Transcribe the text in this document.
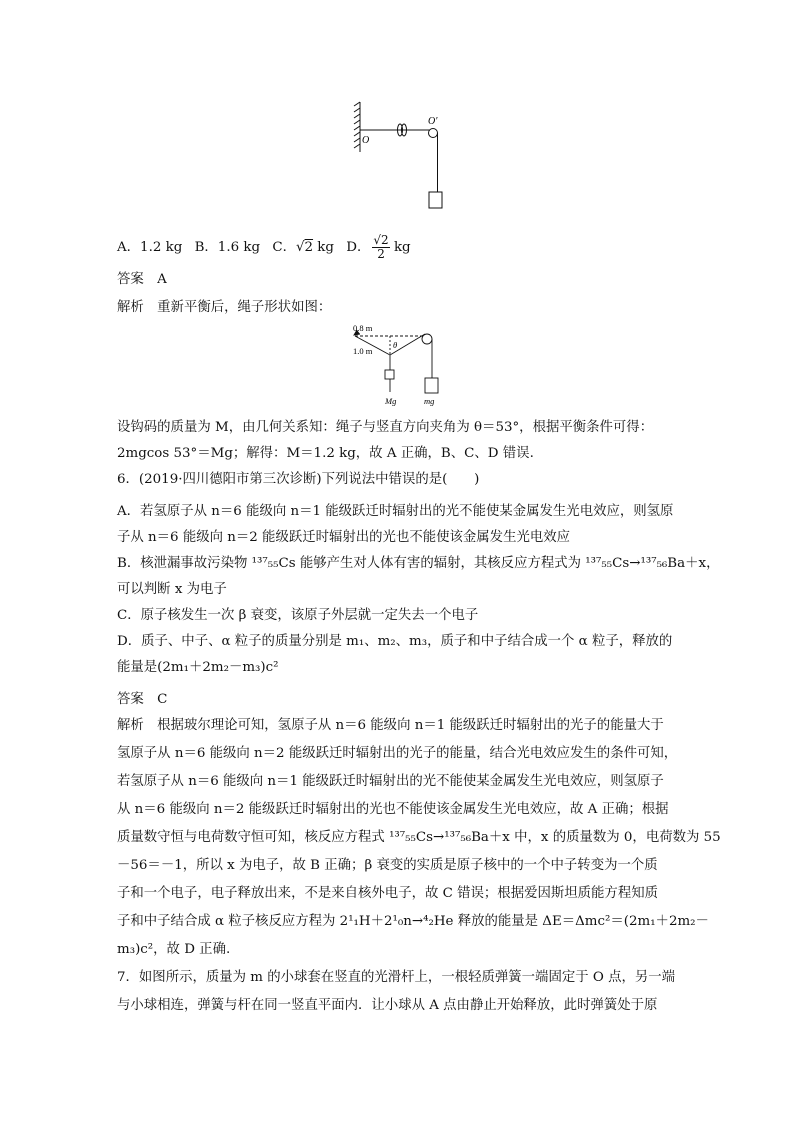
O
O′
A．1.2 kg B．1.6 kg C．√2 kg D． $\frac{√2}{2}$ kg
答案　A
解析　重新平衡后，绳子形状如图：
0.8 m
1.0 m
θ
Mg	mg
设钩码的质量为 M，由几何关系知：绳子与竖直方向夹角为 θ＝53°，根据平衡条件可得：
2mgcos 53°＝Mg；解得：M＝1.2 kg，故 A 正确，B、C、D 错误.
6．(2019·四川德阳市第三次诊断)下列说法中错误的是(　　)
A．若氢原子从 n＝6 能级向 n＝1 能级跃迁时辐射出的光不能使某金属发生光电效应，则氢原
子从 n＝6 能级向 n＝2 能级跃迁时辐射出的光也不能使该金属发生光电效应
B．核泄漏事故污染物 ¹³⁷₅₅Cs 能够产生对人体有害的辐射，其核反应方程式为 ¹³⁷₅₅Cs→¹³⁷₅₆Ba＋x，
可以判断 x 为电子
C．原子核发生一次 β 衰变，该原子外层就一定失去一个电子
D．质子、中子、α 粒子的质量分别是 m₁、m₂、m₃，质子和中子结合成一个 α 粒子，释放的
能量是(2m₁＋2m₂－m₃)c²
答案　C
解析　根据玻尔理论可知，氢原子从 n＝6 能级向 n＝1 能级跃迁时辐射出的光子的能量大于
氢原子从 n＝6 能级向 n＝2 能级跃迁时辐射出的光子的能量，结合光电效应发生的条件可知，
若氢原子从 n＝6 能级向 n＝1 能级跃迁时辐射出的光不能使某金属发生光电效应，则氢原子
从 n＝6 能级向 n＝2 能级跃迁时辐射出的光也不能使该金属发生光电效应，故 A 正确；根据
质量数守恒与电荷数守恒可知，核反应方程式 ¹³⁷₅₅Cs→¹³⁷₅₆Ba＋x 中，x 的质量数为 0，电荷数为 55
－56＝－1，所以 x 为电子，故 B 正确；β 衰变的实质是原子核中的一个中子转变为一个质
子和一个电子，电子释放出来，不是来自核外电子，故 C 错误；根据爱因斯坦质能方程知质
子和中子结合成 α 粒子核反应方程为 2¹₁H＋2¹₀n→⁴₂He 释放的能量是 ΔE＝Δmc²＝(2m₁＋2m₂－
m₃)c²，故 D 正确.
7．如图所示，质量为 m 的小球套在竖直的光滑杆上，一根轻质弹簧一端固定于 O 点，另一端
与小球相连，弹簧与杆在同一竖直平面内．让小球从 A 点由静止开始释放，此时弹簧处于原
